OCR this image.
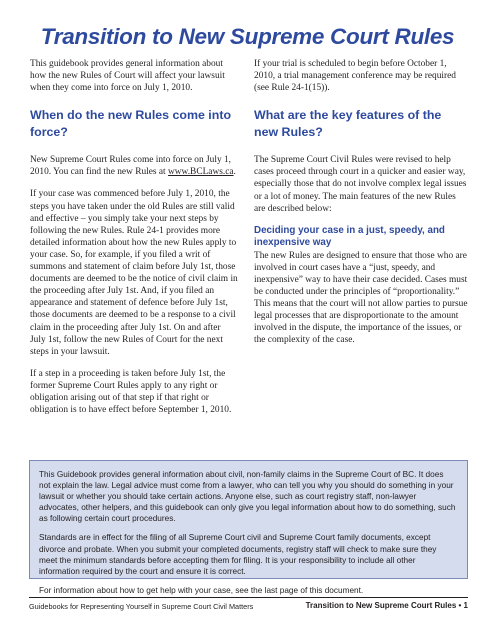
Transition to New Supreme Court Rules

This guidebook provides general information about how the new Rules of Court will affect your lawsuit when they come into force on July 1, 2010.

When do the new Rules come into force?

New Supreme Court Rules come into force on July 1, 2010. You can find the new Rules at www.BCLaws.ca.

If your case was commenced before July 1, 2010, the steps you have taken under the old Rules are still valid and effective – you simply take your next steps by following the new Rules. Rule 24-1 provides more detailed information about how the new Rules apply to your case. So, for example, if you filed a writ of summons and statement of claim before July 1st, those documents are deemed to be the notice of civil claim in the proceeding after July 1st. And, if you filed an appearance and statement of defence before July 1st, those documents are deemed to be a response to a civil claim in the proceeding after July 1st. On and after July 1st, follow the new Rules of Court for the next steps in your lawsuit.

If a step in a proceeding is taken before July 1st, the former Supreme Court Rules apply to any right or obligation arising out of that step if that right or obligation is to have effect before September 1, 2010.

If your trial is scheduled to begin before October 1, 2010, a trial management conference may be required (see Rule 24-1(15)).

What are the key features of the new Rules?

The Supreme Court Civil Rules were revised to help cases proceed through court in a quicker and easier way, especially those that do not involve complex legal issues or a lot of money. The main features of the new Rules are described below:

Deciding your case in a just, speedy, and inexpensive way

The new Rules are designed to ensure that those who are involved in court cases have a “just, speedy, and inexpensive” way to have their case decided. Cases must be conducted under the principles of “proportionality.” This means that the court will not allow parties to pursue legal processes that are disproportionate to the amount involved in the dispute, the importance of the issues, or the complexity of the case.

This Guidebook provides general information about civil, non-family claims in the Supreme Court of BC. It does not explain the law. Legal advice must come from a lawyer, who can tell you why you should do something in your lawsuit or whether you should take certain actions. Anyone else, such as court registry staff, non-lawyer advocates, other helpers, and this guidebook can only give you legal information about how to do something, such as following certain court procedures.

Standards are in effect for the filing of all Supreme Court civil and Supreme Court family documents, except divorce and probate. When you submit your completed documents, registry staff will check to make sure they meet the minimum standards before accepting them for filing. It is your responsibility to include all other information required by the court and ensure it is correct.

For information about how to get help with your case, see the last page of this document.

Guidebooks for Representing Yourself in Supreme Court Civil Matters	Transition to New Supreme Court Rules • 1
